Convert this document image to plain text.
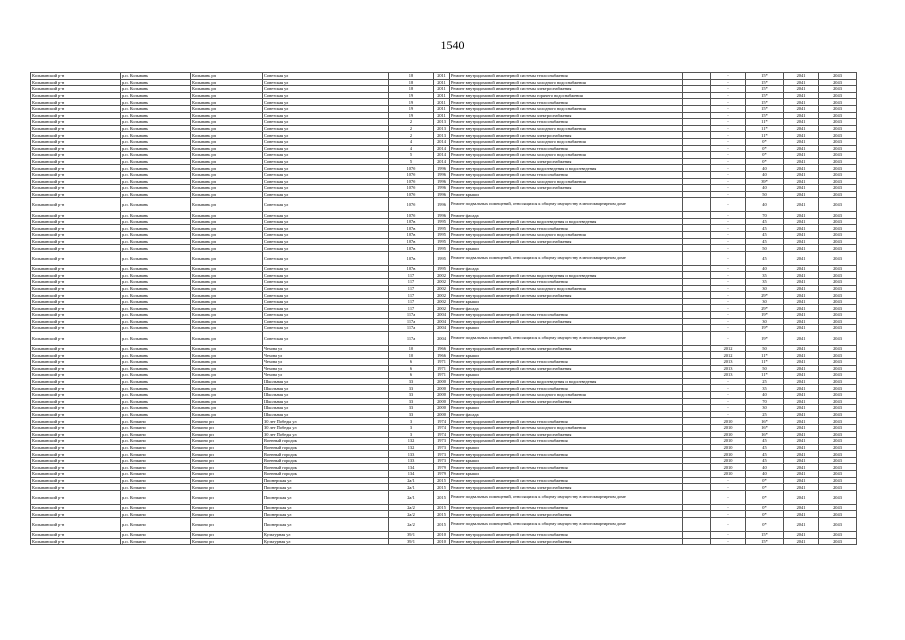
1540
Колыванский р-н	р.п. Колывань	Колывань рп	Советская ул	18	2011	Ремонт внутридомовой инженерной системы теплоснабжения		-	15*	2041	2043
Колыванский р-н	р.п. Колывань	Колывань рп	Советская ул	18	2011	Ремонт внутридомовой инженерной системы холодного водоснабжения		-	15*	2041	2043
Колыванский р-н	р.п. Колывань	Колывань рп	Советская ул	18	2011	Ремонт внутридомовой инженерной системы электроснабжения		-	15*	2041	2043
Колыванский р-н	р.п. Колывань	Колывань рп	Советская ул	19	2011	Ремонт внутридомовой инженерной системы горячего водоснабжения		-	15*	2041	2043
Колыванский р-н	р.п. Колывань	Колывань рп	Советская ул	19	2011	Ремонт внутридомовой инженерной системы теплоснабжения		-	15*	2041	2043
Колыванский р-н	р.п. Колывань	Колывань рп	Советская ул	19	2011	Ремонт внутридомовой инженерной системы холодного водоснабжения		-	15*	2041	2043
Колыванский р-н	р.п. Колывань	Колывань рп	Советская ул	19	2011	Ремонт внутридомовой инженерной системы электроснабжения		-	15*	2041	2043
Колыванский р-н	р.п. Колывань	Колывань рп	Советская ул	2	2013	Ремонт внутридомовой инженерной системы теплоснабжения		-	11*	2041	2043
Колыванский р-н	р.п. Колывань	Колывань рп	Советская ул	2	2013	Ремонт внутридомовой инженерной системы холодного водоснабжения		-	11*	2041	2043
Колыванский р-н	р.п. Колывань	Колывань рп	Советская ул	2	2013	Ремонт внутридомовой инженерной системы электроснабжения		-	11*	2041	2043
Колыванский р-н	р.п. Колывань	Колывань рп	Советская ул	4	2014	Ремонт внутридомовой инженерной системы холодного водоснабжения		-	0*	2041	2043
Колыванский р-н	р.п. Колывань	Колывань рп	Советская ул	4	2014	Ремонт внутридомовой инженерной системы теплоснабжения		-	0*	2041	2043
Колыванский р-н	р.п. Колывань	Колывань рп	Советская ул	5	2014	Ремонт внутридомовой инженерной системы холодного водоснабжения		-	0*	2041	2043
Колыванский р-н	р.п. Колывань	Колывань рп	Советская ул	5	2014	Ремонт внутридомовой инженерной системы электроснабжения		-	0*	2041	2043
Колыванский р-н	р.п. Колывань	Колывань рп	Советская ул	107б	1996	Ремонт внутридомовой инженерной системы водоотведения и водоотведения		-	40	2041	2043
Колыванский р-н	р.п. Колывань	Колывань рп	Советская ул	107б	1996	Ремонт внутридомовой инженерной системы теплоснабжения		-	40	2041	2043
Колыванский р-н	р.п. Колывань	Колывань рп	Советская ул	107б	1996	Ремонт внутридомовой инженерной системы холодного водоснабжения		-	39*	2041	2043
Колыванский р-н	р.п. Колывань	Колывань рп	Советская ул	107б	1996	Ремонт внутридомовой инженерной системы электроснабжения		-	40	2041	2043
Колыванский р-н	р.п. Колывань	Колывань рп	Советская ул	107б	1996	Ремонт крыши		-	50	2041	2043
Колыванский р-н	р.п. Колывань	Колывань рп	Советская ул	107б	1996	Ремонт подвальных помещений, относящихся к общему имуществу в многоквартирном доме		-	40	2041	2043
Колыванский р-н	р.п. Колывань	Колывань рп	Советская ул	107б	1996	Ремонт фасада		-	70	2041	2043
Колыванский р-н	р.п. Колывань	Колывань рп	Советская ул	107в	1995	Ремонт внутридомовой инженерной системы водоотведения и водоотведения		-	45	2041	2043
Колыванский р-н	р.п. Колывань	Колывань рп	Советская ул	107в	1995	Ремонт внутридомовой инженерной системы теплоснабжения		-	45	2041	2043
Колыванский р-н	р.п. Колывань	Колывань рп	Советская ул	107в	1995	Ремонт внутридомовой инженерной системы холодного водоснабжения		-	45	2041	2043
Колыванский р-н	р.п. Колывань	Колывань рп	Советская ул	107в	1995	Ремонт внутридомовой инженерной системы электроснабжения		-	45	2041	2043
Колыванский р-н	р.п. Колывань	Колывань рп	Советская ул	107в	1995	Ремонт крыши		-	50	2041	2043
Колыванский р-н	р.п. Колывань	Колывань рп	Советская ул	107в	1995	Ремонт подвальных помещений, относящихся к общему имуществу в многоквартирном доме		-	45	2041	2043
Колыванский р-н	р.п. Колывань	Колывань рп	Советская ул	107в	1995	Ремонт фасада		-	40	2041	2043
Колыванский р-н	р.п. Колывань	Колывань рп	Советская ул	117	2002	Ремонт внутридомовой инженерной системы водоотведения и водоотведения		-	35	2041	2043
Колыванский р-н	р.п. Колывань	Колывань рп	Советская ул	117	2002	Ремонт внутридомовой инженерной системы теплоснабжения		-	35	2041	2043
Колыванский р-н	р.п. Колывань	Колывань рп	Советская ул	117	2002	Ремонт внутридомовой инженерной системы холодного водоснабжения		-	30	2041	2043
Колыванский р-н	р.п. Колывань	Колывань рп	Советская ул	117	2002	Ремонт внутридомовой инженерной системы электроснабжения		-	29*	2041	2043
Колыванский р-н	р.п. Колывань	Колывань рп	Советская ул	117	2002	Ремонт крыши		-	30	2041	2043
Колыванский р-н	р.п. Колывань	Колывань рп	Советская ул	117	2002	Ремонт фасада		-	29*	2041	2043
Колыванский р-н	р.п. Колывань	Колывань рп	Советская ул	117а	2004	Ремонт внутридомовой инженерной системы теплоснабжения		-	19*	2041	2043
Колыванский р-н	р.п. Колывань	Колывань рп	Советская ул	117а	2004	Ремонт внутридомовой инженерной системы электроснабжения		-	30	2041	2043
Колыванский р-н	р.п. Колывань	Колывань рп	Советская ул	117а	2004	Ремонт крыши		-	19*	2041	2043
Колыванский р-н	р.п. Колывань	Колывань рп	Советская ул	117а	2004	Ремонт подвальных помещений, относящихся к общему имуществу в многоквартирном доме		-	19*	2041	2043
Колыванский р-н	р.п. Колывань	Колывань рп	Чехова ул	10	1966	Ремонт внутридомовой инженерной системы электроснабжения		2012	50	2041	2043
Колыванский р-н	р.п. Колывань	Колывань рп	Чехова ул	10	1966	Ремонт крыши		2012	11*	2041	2043
Колыванский р-н	р.п. Колывань	Колывань рп	Чехова ул	6	1971	Ремонт внутридомовой инженерной системы теплоснабжения		2013	11*	2041	2043
Колыванский р-н	р.п. Колывань	Колывань рп	Чехова ул	6	1971	Ремонт внутридомовой инженерной системы электроснабжения		2013	50	2041	2043
Колыванский р-н	р.п. Колывань	Колывань рп	Чехова ул	6	1971	Ремонт крыши		2013	11*	2041	2043
Колыванский р-н	р.п. Колывань	Колывань рп	Школьная ул	33	2000	Ремонт внутридомовой инженерной системы водоотведения и водоотведения		-	25	2041	2043
Колыванский р-н	р.п. Колывань	Колывань рп	Школьная ул	33	2000	Ремонт внутридомовой инженерной системы теплоснабжения		-	35	2041	2043
Колыванский р-н	р.п. Колывань	Колывань рп	Школьная ул	33	2000	Ремонт внутридомовой инженерной системы холодного водоснабжения		-	40	2041	2043
Колыванский р-н	р.п. Колывань	Колывань рп	Школьная ул	33	2000	Ремонт внутридомовой инженерной системы электроснабжения		-	70	2041	2043
Колыванский р-н	р.п. Колывань	Колывань рп	Школьная ул	33	2000	Ремонт крыши		-	30	2041	2043
Колыванский р-н	р.п. Колывань	Колывань рп	Школьная ул	33	2000	Ремонт фасада		-	25	2041	2043
Колыванский р-н	р.п. Кочкино	Кочкино рп	30 лет Победы ул	3	1974	Ремонт внутридомовой инженерной системы теплоснабжения		2010	16*	2041	2043
Колыванский р-н	р.п. Кочкино	Кочкино рп	30 лет Победы ул	3	1974	Ремонт внутридомовой инженерной системы холодного водоснабжения		2010	16*	2041	2043
Колыванский р-н	р.п. Кочкино	Кочкино рп	30 лет Победы ул	3	1974	Ремонт внутридомовой инженерной системы электроснабжения		2010	16*	2041	2043
Колыванский р-н	р.п. Кочкино	Кочкино рп	Военный городок	132	1973	Ремонт внутридомовой инженерной системы теплоснабжения		2010	45	2041	2043
Колыванский р-н	р.п. Кочкино	Кочкино рп	Военный городок	132	1973	Ремонт крыши		2010	45	2041	2043
Колыванский р-н	р.п. Кочкино	Кочкино рп	Военный городок	133	1973	Ремонт внутридомовой инженерной системы теплоснабжения		2010	45	2041	2043
Колыванский р-н	р.п. Кочкино	Кочкино рп	Военный городок	133	1973	Ремонт крыши		2010	45	2041	2043
Колыванский р-н	р.п. Кочкино	Кочкино рп	Военный городок	134	1979	Ремонт внутридомовой инженерной системы теплоснабжения		2010	40	2041	2043
Колыванский р-н	р.п. Кочкино	Кочкино рп	Военный городок	134	1979	Ремонт крыши		2010	40	2041	2043
Колыванский р-н	р.п. Кочкино	Кочкино рп	Пионерская ул	2а/1	2015	Ремонт внутридомовой инженерной системы теплоснабжения		-	0*	2041	2043
Колыванский р-н	р.п. Кочкино	Кочкино рп	Пионерская ул	2а/1	2015	Ремонт внутридомовой инженерной системы электроснабжения		-	0*	2041	2043
Колыванский р-н	р.п. Кочкино	Кочкино рп	Пионерская ул	2а/1	2015	Ремонт подвальных помещений, относящихся к общему имуществу в многоквартирном доме		-	0*	2041	2043
Колыванский р-н	р.п. Кочкино	Кочкино рп	Пионерская ул	2а/2	2015	Ремонт внутридомовой инженерной системы теплоснабжения		-	0*	2041	2043
Колыванский р-н	р.п. Кочкино	Кочкино рп	Пионерская ул	2а/2	2015	Ремонт внутридомовой инженерной системы электроснабжения		-	0*	2041	2043
Колыванский р-н	р.п. Кочкино	Кочкино рп	Пионерская ул	2а/2	2015	Ремонт подвальных помещений, относящихся к общему имуществу в многоквартирном доме		-	0*	2041	2043
Колыванский р-н	р.п. Кочкино	Кочкино рп	Культурная ул	39/1	2010	Ремонт внутридомовой инженерной системы теплоснабжения		-	15*	2041	2043
Колыванский р-н	р.п. Кочкино	Кочкино рп	Культурная ул	39/1	2010	Ремонт внутридомовой инженерной системы электроснабжения		-	15*	2041	2043
